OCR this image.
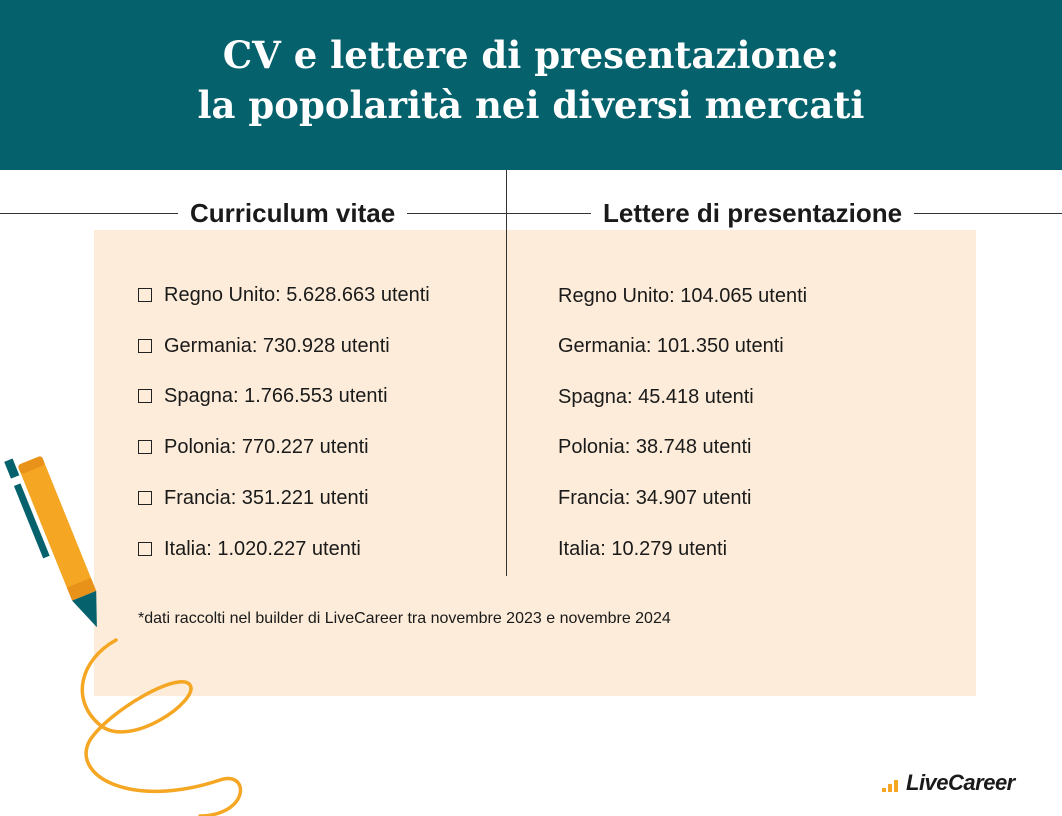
CV e lettere di presentazione:
la popolarità nei diversi mercati
Curriculum vitae	Lettere di presentazione
Regno Unito: 5.628.663 utenti
Germania: 730.928 utenti
Spagna: 1.766.553 utenti
Polonia: 770.227 utenti
Francia: 351.221 utenti
Italia: 1.020.227 utenti
Regno Unito: 104.065 utenti
Germania: 101.350 utenti
Spagna: 45.418 utenti
Polonia: 38.748 utenti
Francia: 34.907 utenti
Italia: 10.279 utenti
*dati raccolti nel builder di LiveCareer tra novembre 2023 e novembre 2024
LiveCareer
